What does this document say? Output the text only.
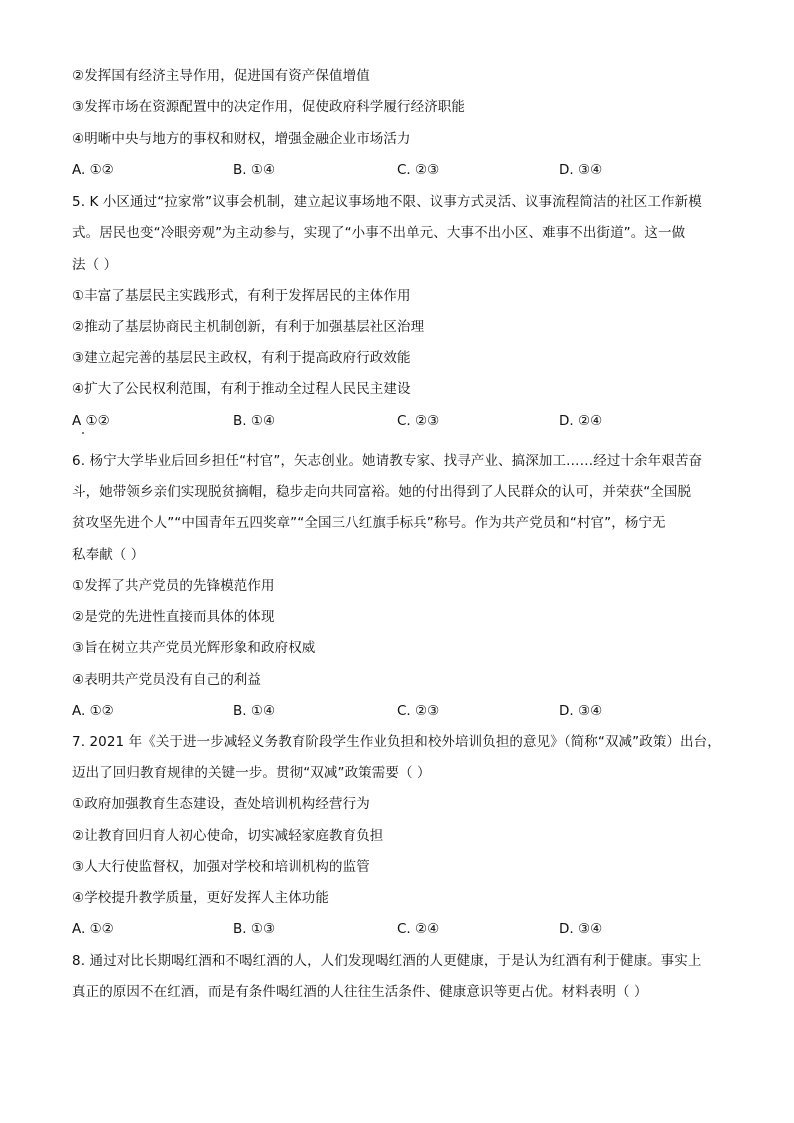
②发挥国有经济主导作用，促进国有资产保值增值
③发挥市场在资源配置中的决定作用，促使政府科学履行经济职能
④明晰中央与地方的事权和财权，增强金融企业市场活力
A. ①②	B. ①④	C. ②③	D. ③④
5. K 小区通过“拉家常”议事会机制，建立起议事场地不限、议事方式灵活、议事流程简洁的社区工作新模
式。居民也变“冷眼旁观”为主动参与，实现了“小事不出单元、大事不出小区、难事不出街道”。这一做
法（ ）
①丰富了基层民主实践形式，有利于发挥居民的主体作用
②推动了基层协商民主机制创新，有利于加强基层社区治理
③建立起完善的基层民主政权，有利于提高政府行政效能
④扩大了公民权利范围，有利于推动全过程人民民主建设
A ①②	B. ①④	C. ②③	D. ②④
6. 杨宁大学毕业后回乡担任“村官”，矢志创业。她请教专家、找寻产业、搞深加工……经过十余年艰苦奋
斗，她带领乡亲们实现脱贫摘帽，稳步走向共同富裕。她的付出得到了人民群众的认可，并荣获“全国脱
贫攻坚先进个人”“中国青年五四奖章”“全国三八红旗手标兵”称号。作为共产党员和“村官”，杨宁无
私奉献（ ）
①发挥了共产党员的先锋模范作用
②是党的先进性直接而具体的体现
③旨在树立共产党员光辉形象和政府权威
④表明共产党员没有自己的利益
A. ①②	B. ①④	C. ②③	D. ③④
7. 2021 年《关于进一步减轻义务教育阶段学生作业负担和校外培训负担的意见》（简称“双减”政策）出台，
迈出了回归教育规律的关键一步。贯彻“双减”政策需要（ ）
①政府加强教育生态建设，查处培训机构经营行为
②让教育回归育人初心使命，切实减轻家庭教育负担
③人大行使监督权，加强对学校和培训机构的监管
④学校提升教学质量，更好发挥人主体功能
A. ①②	B. ①③	C. ②④	D. ③④
8. 通过对比长期喝红酒和不喝红酒的人，人们发现喝红酒的人更健康，于是认为红酒有利于健康。事实上
真正的原因不在红酒，而是有条件喝红酒的人往往生活条件、健康意识等更占优。材料表明（ ）
